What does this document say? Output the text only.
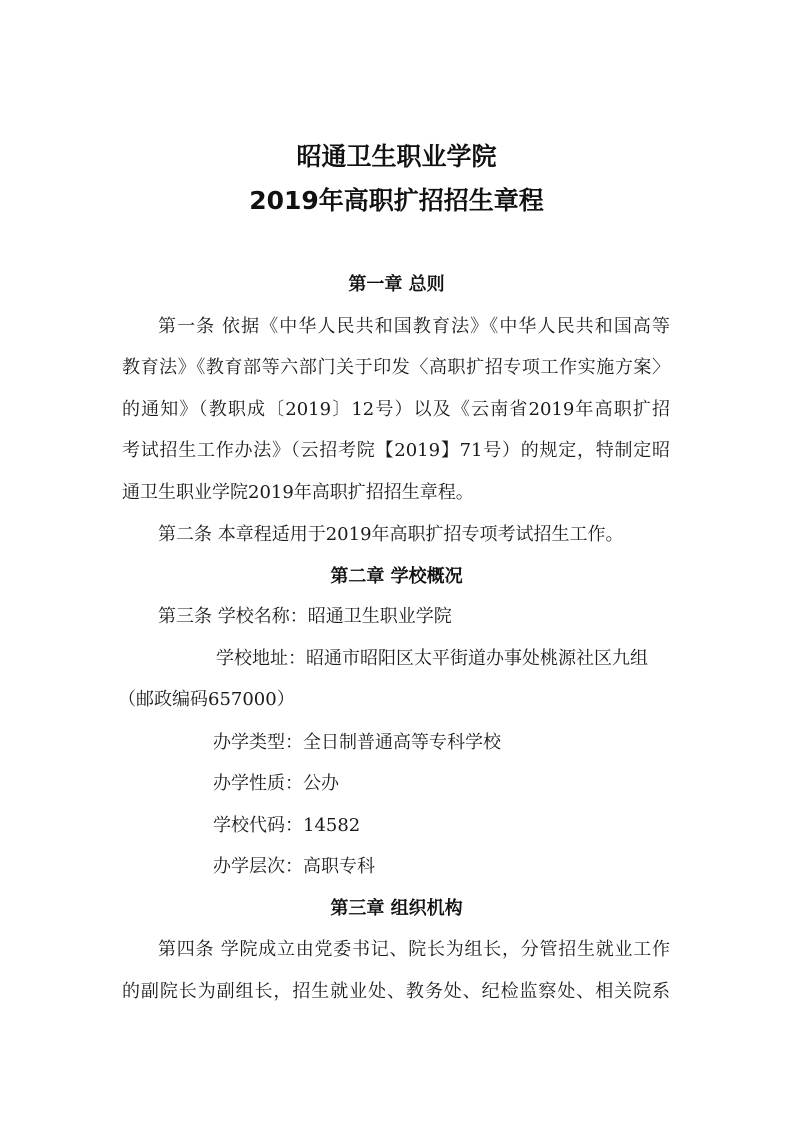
昭通卫生职业学院
2019年高职扩招招生章程
第一章 总则
第一条 依据《中华人民共和国教育法》《中华人民共和国高等
教育法》《教育部等六部门关于印发〈高职扩招专项工作实施方案〉
的通知》（教职成〔2019〕12号）以及《云南省2019年高职扩招
考试招生工作办法》（云招考院【2019】71号）的规定，特制定昭
通卫生职业学院2019年高职扩招招生章程。
第二条 本章程适用于2019年高职扩招专项考试招生工作。
第二章 学校概况
第三条 学校名称：昭通卫生职业学院
学校地址：昭通市昭阳区太平街道办事处桃源社区九组
（邮政编码657000）
办学类型：全日制普通高等专科学校
办学性质：公办
学校代码：14582
办学层次：高职专科
第三章 组织机构
第四条 学院成立由党委书记、院长为组长，分管招生就业工作
的副院长为副组长，招生就业处、教务处、纪检监察处、相关院系
